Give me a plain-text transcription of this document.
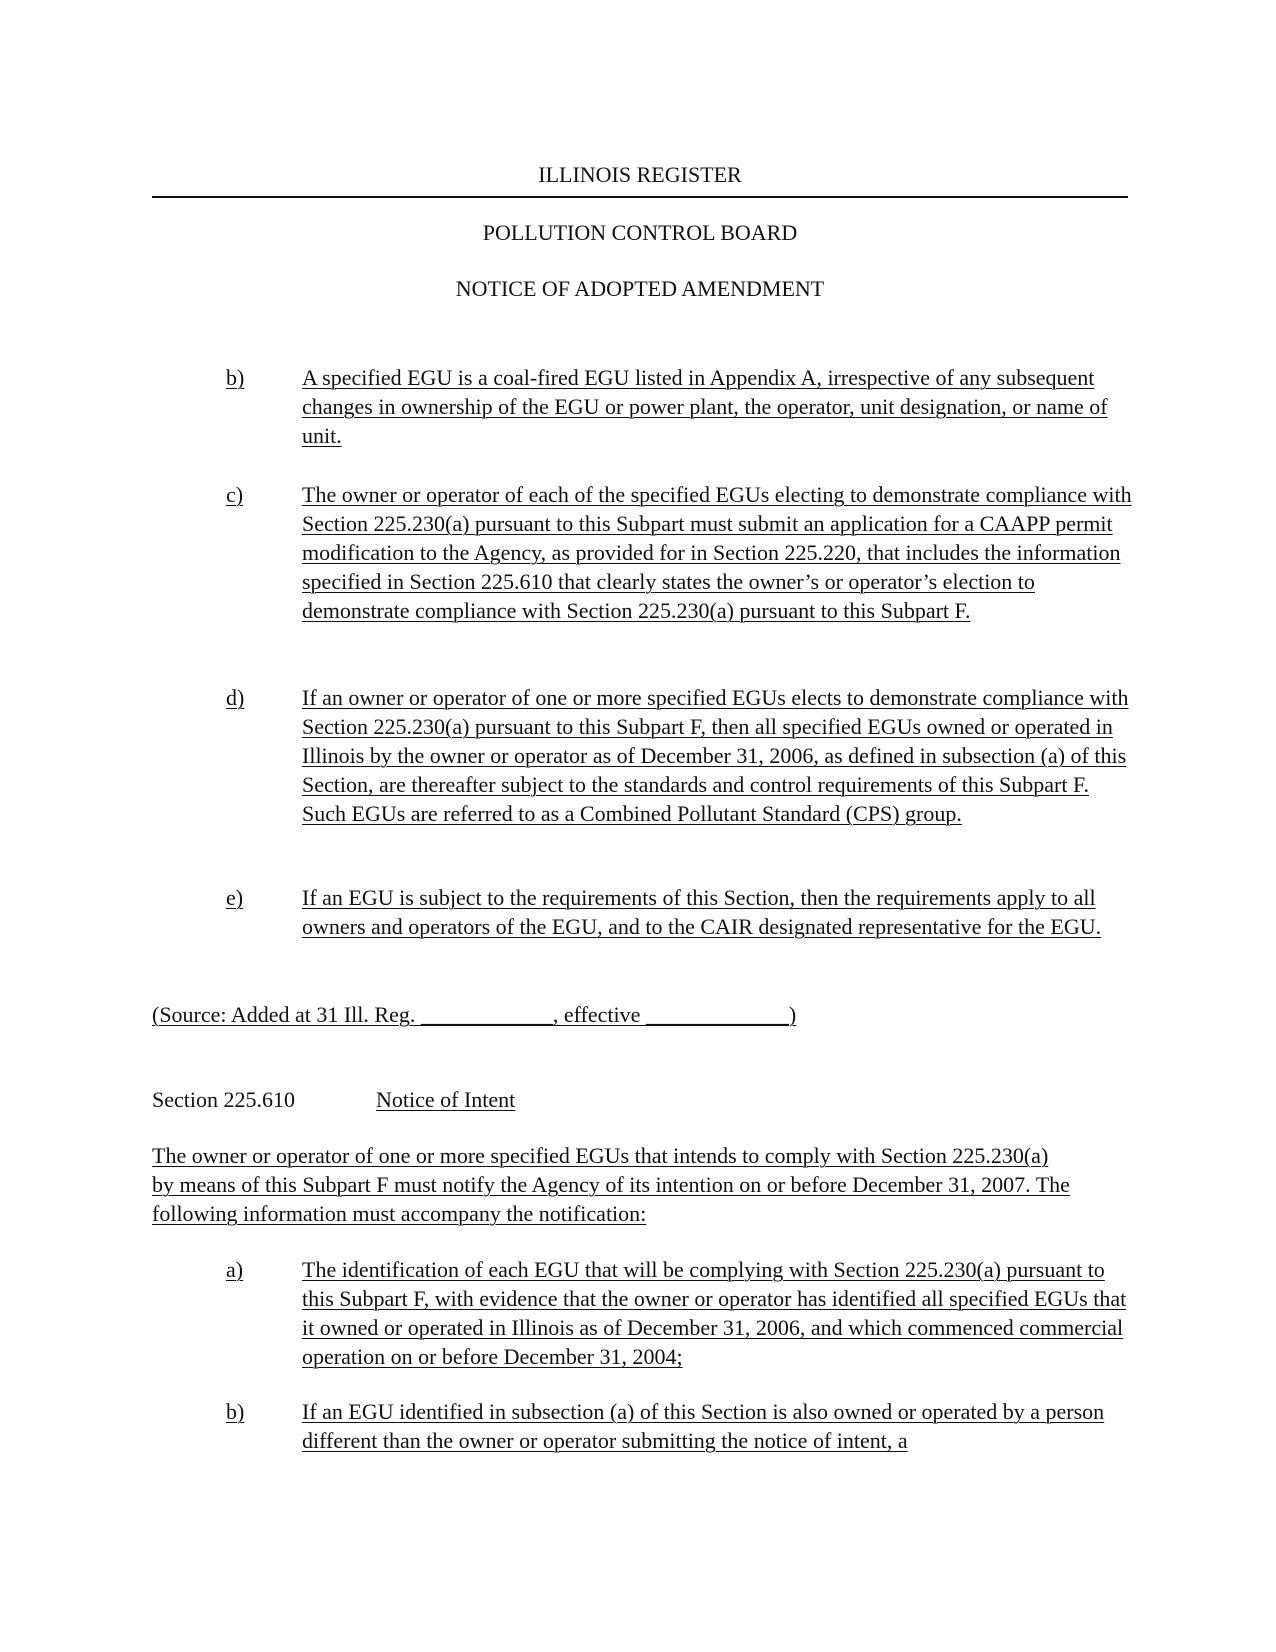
ILLINOIS REGISTER
POLLUTION CONTROL BOARD
NOTICE OF ADOPTED AMENDMENT
b)	A specified EGU is a coal-fired EGU listed in Appendix A, irrespective of any subsequent changes in ownership of the EGU or power plant, the operator, unit designation, or name of unit.
c)	The owner or operator of each of the specified EGUs electing to demonstrate compliance with Section 225.230(a) pursuant to this Subpart must submit an application for a CAAPP permit modification to the Agency, as provided for in Section 225.220, that includes the information specified in Section 225.610 that clearly states the owner’s or operator’s election to demonstrate compliance with Section 225.230(a) pursuant to this Subpart F.
d)	If an owner or operator of one or more specified EGUs elects to demonstrate compliance with Section 225.230(a) pursuant to this Subpart F, then all specified EGUs owned or operated in Illinois by the owner or operator as of December 31, 2006, as defined in subsection (a) of this Section, are thereafter subject to the standards and control requirements of this Subpart F. Such EGUs are referred to as a Combined Pollutant Standard (CPS) group.
e)	If an EGU is subject to the requirements of this Section, then the requirements apply to all owners and operators of the EGU, and to the CAIR designated representative for the EGU.
(Source: Added at 31 Ill. Reg. ____________, effective _____________)
Section 225.610	Notice of Intent
The owner or operator of one or more specified EGUs that intends to comply with Section 225.230(a) by means of this Subpart F must notify the Agency of its intention on or before December 31, 2007. The following information must accompany the notification:
a)	The identification of each EGU that will be complying with Section 225.230(a) pursuant to this Subpart F, with evidence that the owner or operator has identified all specified EGUs that it owned or operated in Illinois as of December 31, 2006, and which commenced commercial operation on or before December 31, 2004;
b)	If an EGU identified in subsection (a) of this Section is also owned or operated by a person different than the owner or operator submitting the notice of intent, a
